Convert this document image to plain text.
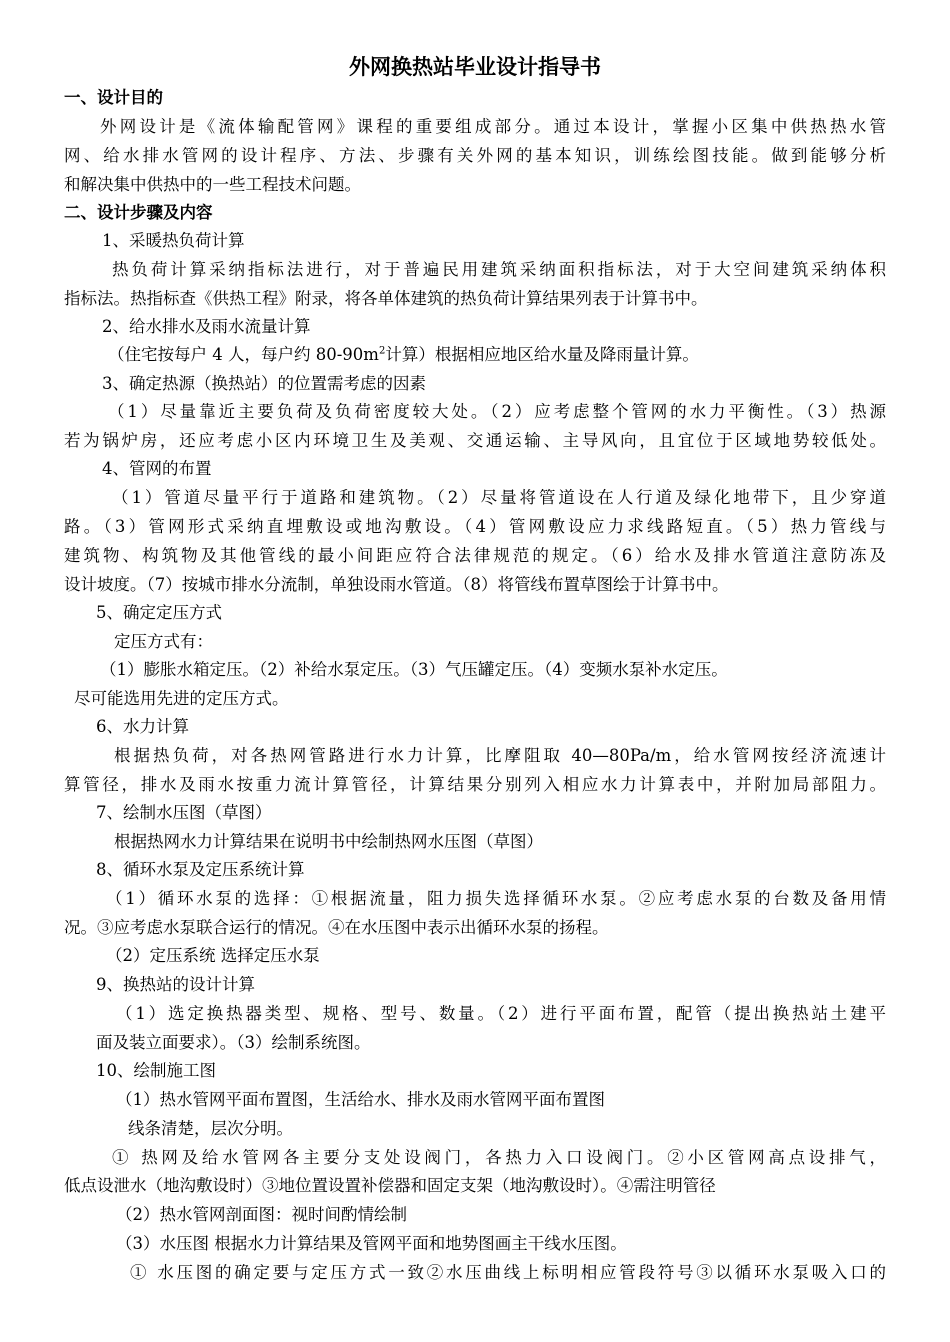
外网换热站毕业设计指导书
一、设计目的
外网设计是《流体输配管网》课程的重要组成部分。通过本设计，掌握小区集中供热热水管
网、给水排水管网的设计程序、方法、步骤有关外网的基本知识，训练绘图技能。做到能够分析
和解决集中供热中的一些工程技术问题。
二、设计步骤及内容
1、采暖热负荷计算
热负荷计算采纳指标法进行，对于普遍民用建筑采纳面积指标法，对于大空间建筑采纳体积
指标法。热指标查《供热工程》附录，将各单体建筑的热负荷计算结果列表于计算书中。
2、给水排水及雨水流量计算
（住宅按每户 4 人，每户约 $80-90m^2$计算）根据相应地区给水量及降雨量计算。
3、确定热源（换热站）的位置需考虑的因素
（1）尽量靠近主要负荷及负荷密度较大处。（2）应考虑整个管网的水力平衡性。（3）热源
若为锅炉房，还应考虑小区内环境卫生及美观、交通运输、主导风向，且宜位于区域地势较低处。
4、管网的布置
（1）管道尽量平行于道路和建筑物。（2）尽量将管道设在人行道及绿化地带下，且少穿道
路。（3）管网形式采纳直埋敷设或地沟敷设。（4）管网敷设应力求线路短直。（5）热力管线与
建筑物、构筑物及其他管线的最小间距应符合法律规范的规定。（6）给水及排水管道注意防冻及
设计坡度。（7）按城市排水分流制，单独设雨水管道。（8）将管线布置草图绘于计算书中。
5、确定定压方式
定压方式有：
（1）膨胀水箱定压。（2）补给水泵定压。（3）气压罐定压。（4）变频水泵补水定压。
尽可能选用先进的定压方式。
6、水力计算
根据热负荷，对各热网管路进行水力计算，比摩阻取 40—80Pa/m，给水管网按经济流速计
算管径，排水及雨水按重力流计算管径，计算结果分别列入相应水力计算表中，并附加局部阻力。
7、绘制水压图（草图）
根据热网水力计算结果在说明书中绘制热网水压图（草图）
8、循环水泵及定压系统计算
（1）循环水泵的选择：①根据流量，阻力损失选择循环水泵。②应考虑水泵的台数及备用情
况。③应考虑水泵联合运行的情况。④在水压图中表示出循环水泵的扬程。
（2）定压系统 选择定压水泵
9、换热站的设计计算
（1）选定换热器类型、规格、型号、数量。（2）进行平面布置，配管（提出换热站土建平
面及装立面要求）。（3）绘制系统图。
10、绘制施工图
（1）热水管网平面布置图，生活给水、排水及雨水管网平面布置图
线条清楚，层次分明。
① 热网及给水管网各主要分支处设阀门，各热力入口设阀门。②小区管网高点设排气，
低点设泄水（地沟敷设时）③地位置设置补偿器和固定支架（地沟敷设时）。④需注明管径
（2）热水管网剖面图：视时间酌情绘制
（3）水压图 根据水力计算结果及管网平面和地势图画主干线水压图。
① 水压图的确定要与定压方式一致②水压曲线上标明相应管段符号③以循环水泵吸入口的
